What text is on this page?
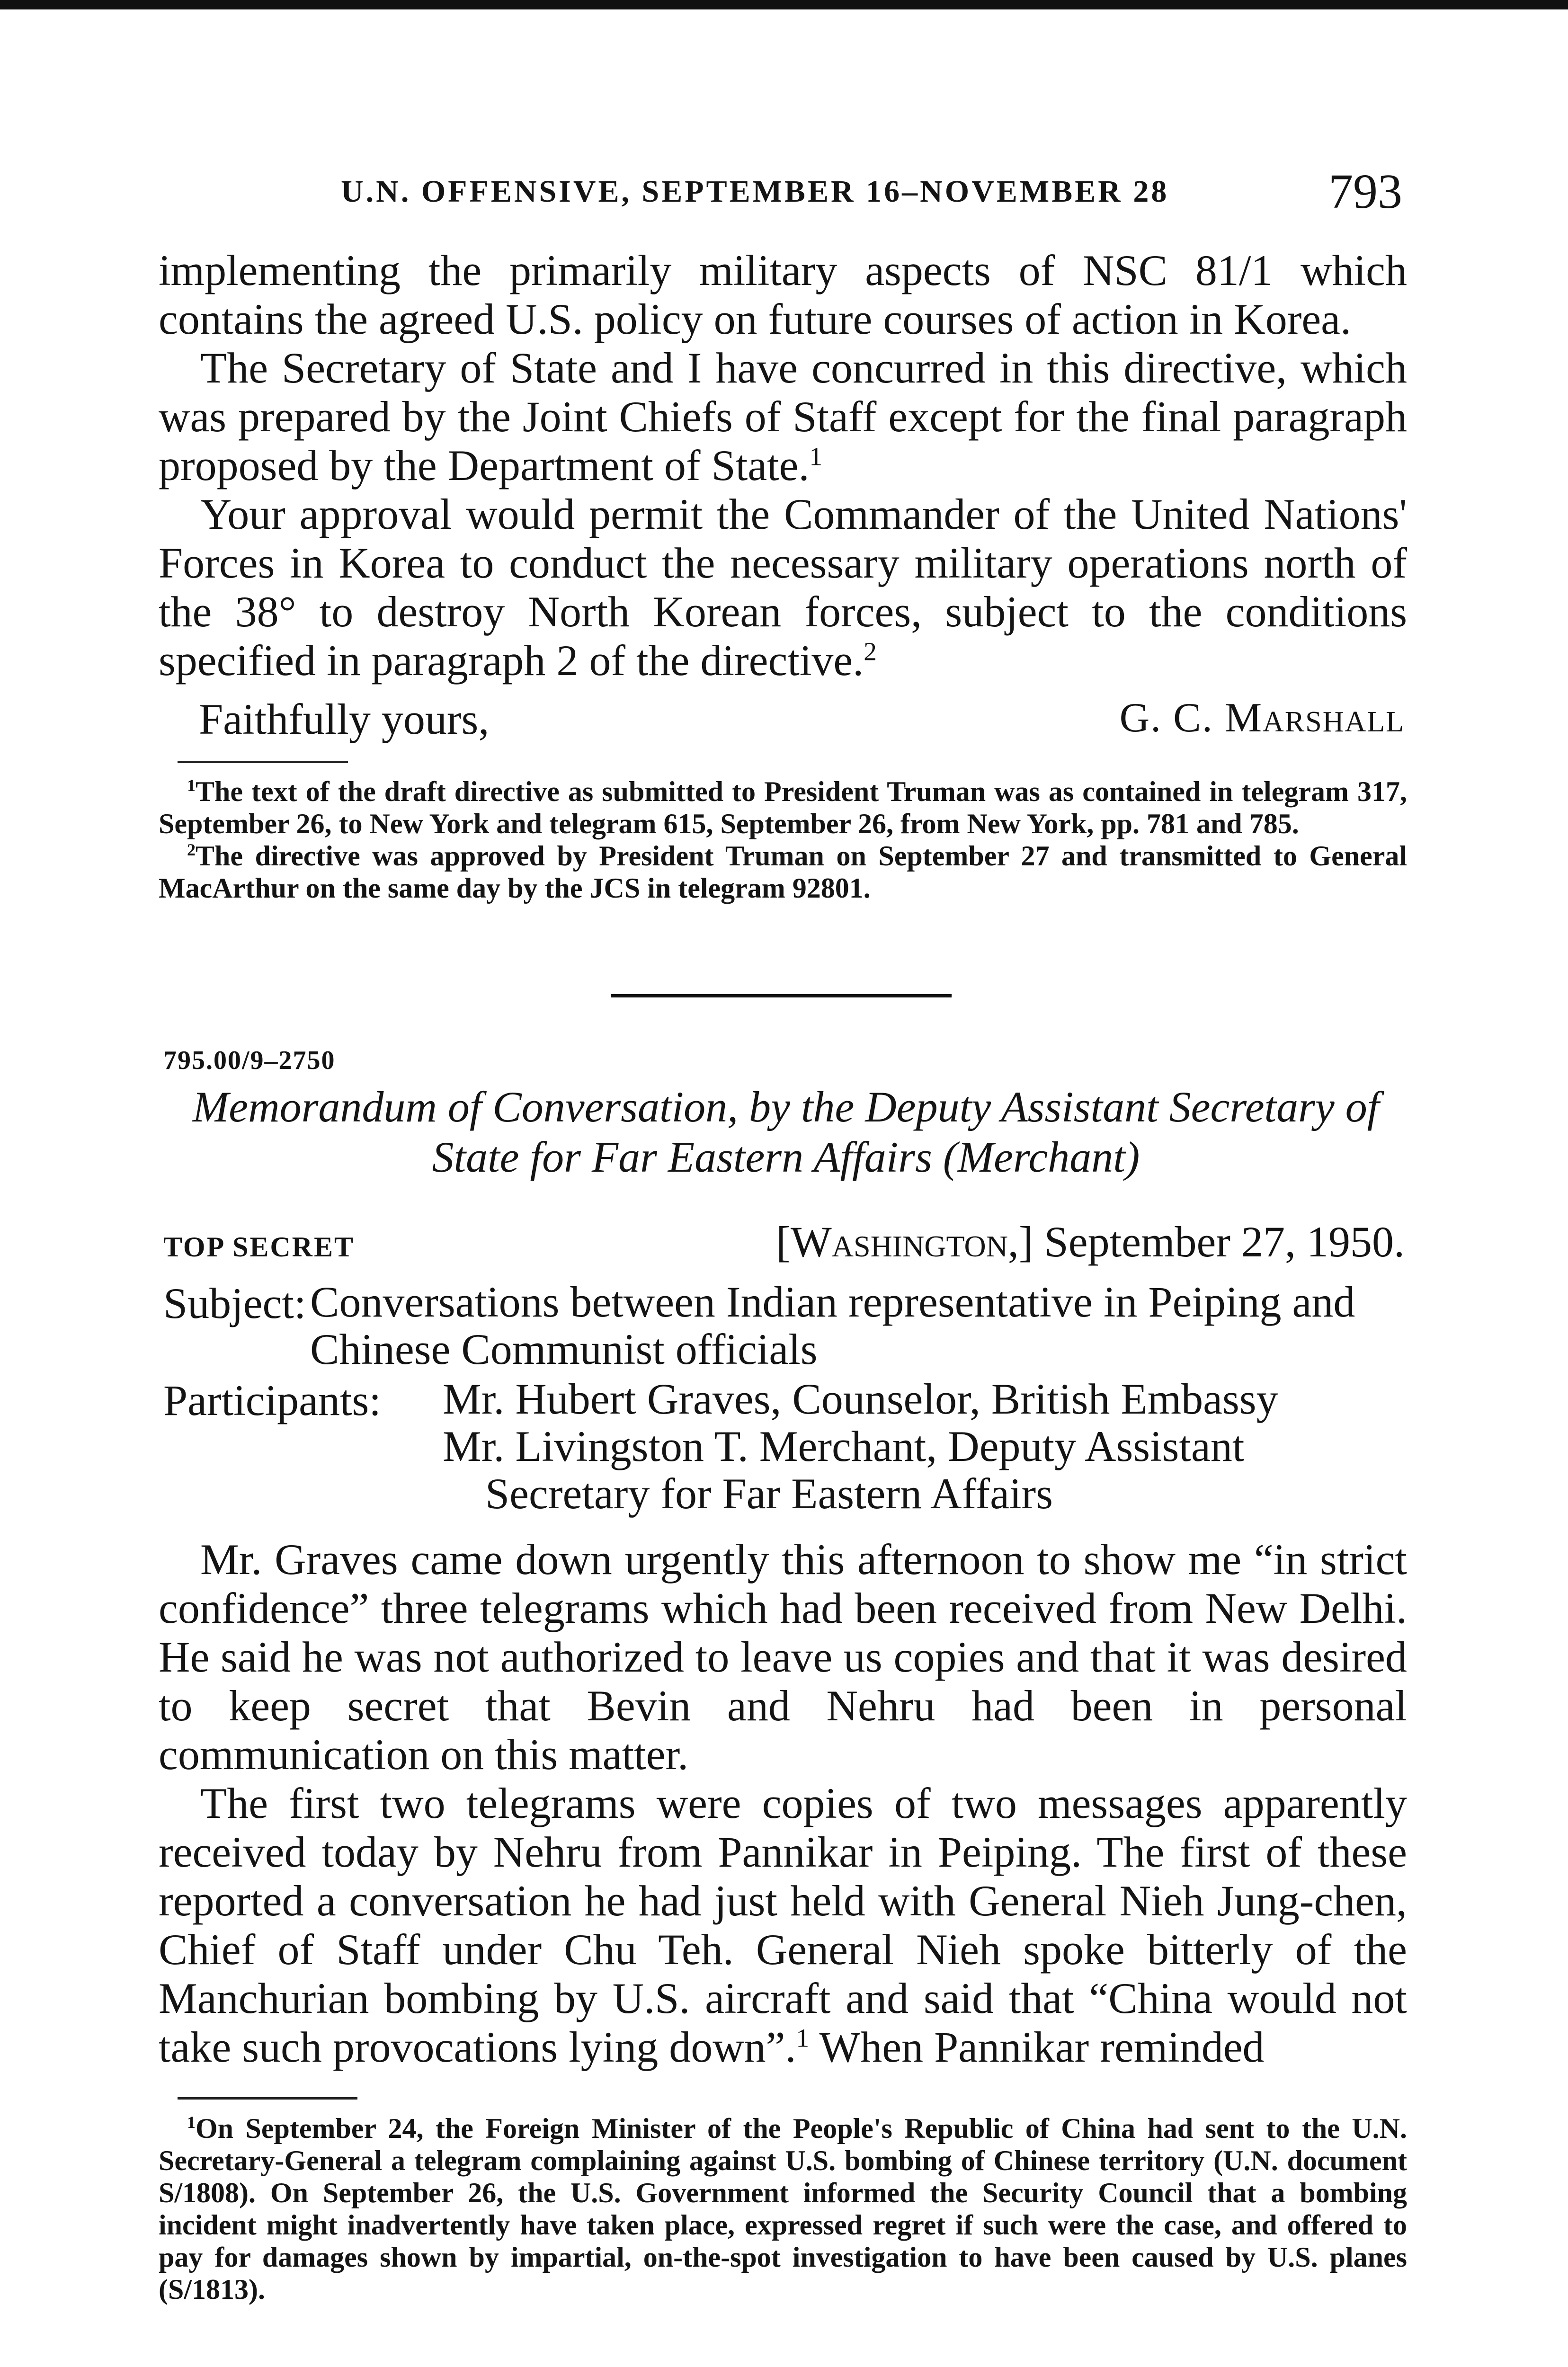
U.N. OFFENSIVE, SEPTEMBER 16–NOVEMBER 28	793

implementing the primarily military aspects of NSC 81/1 which contains the agreed U.S. policy on future courses of action in Korea.

The Secretary of State and I have concurred in this directive, which was prepared by the Joint Chiefs of Staff except for the final paragraph proposed by the Department of State.$^1$

Your approval would permit the Commander of the United Nations' Forces in Korea to conduct the necessary military operations north of the 38° to destroy North Korean forces, subject to the conditions specified in paragraph 2 of the directive.$^2$

Faithfully yours,	G. C. Marshall

$^1$The text of the draft directive as submitted to President Truman was as contained in telegram 317, September 26, to New York and telegram 615, September 26, from New York, pp. 781 and 785.

$^2$The directive was approved by President Truman on September 27 and transmitted to General MacArthur on the same day by the JCS in telegram 92801.

795.00/9–2750
Memorandum of Conversation, by the Deputy Assistant Secretary of
State for Far Eastern Affairs (Merchant)
TOP SECRET	[Washington,] September 27, 1950.
Subject: Conversations between Indian representative in Peiping and Chinese Communist officials
Participants: Mr. Hubert Graves, Counselor, British Embassy
Mr. Livingston T. Merchant, Deputy Assistant Secretary for Far Eastern Affairs

Mr. Graves came down urgently this afternoon to show me “in strict confidence” three telegrams which had been received from New Delhi. He said he was not authorized to leave us copies and that it was desired to keep secret that Bevin and Nehru had been in personal communication on this matter.

The first two telegrams were copies of two messages apparently received today by Nehru from Pannikar in Peiping. The first of these reported a conversation he had just held with General Nieh Jung-chen, Chief of Staff under Chu Teh. General Nieh spoke bitterly of the Manchurian bombing by U.S. aircraft and said that “China would not take such provocations lying down”.$^1$ When Pannikar reminded

$^1$On September 24, the Foreign Minister of the People's Republic of China had sent to the U.N. Secretary-General a telegram complaining against U.S. bombing of Chinese territory (U.N. document S/1808). On September 26, the U.S. Government informed the Security Council that a bombing incident might inadvertently have taken place, expressed regret if such were the case, and offered to pay for damages shown by impartial, on-the-spot investigation to have been caused by U.S. planes (S/1813).
